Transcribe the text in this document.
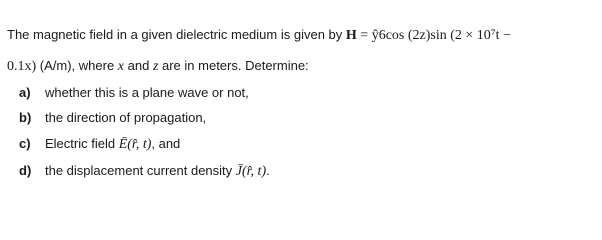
The magnetic field in a given dielectric medium is given by H = ŷ6cos (2z)sin (2 × 10⁷t −
0.1x) (A/m), where x and z are in meters. Determine:
a) whether this is a plane wave or not,
b) the direction of propagation,
c) Electric field Ē(r̂, t), and
d) the displacement current density J̄(r̂, t).
